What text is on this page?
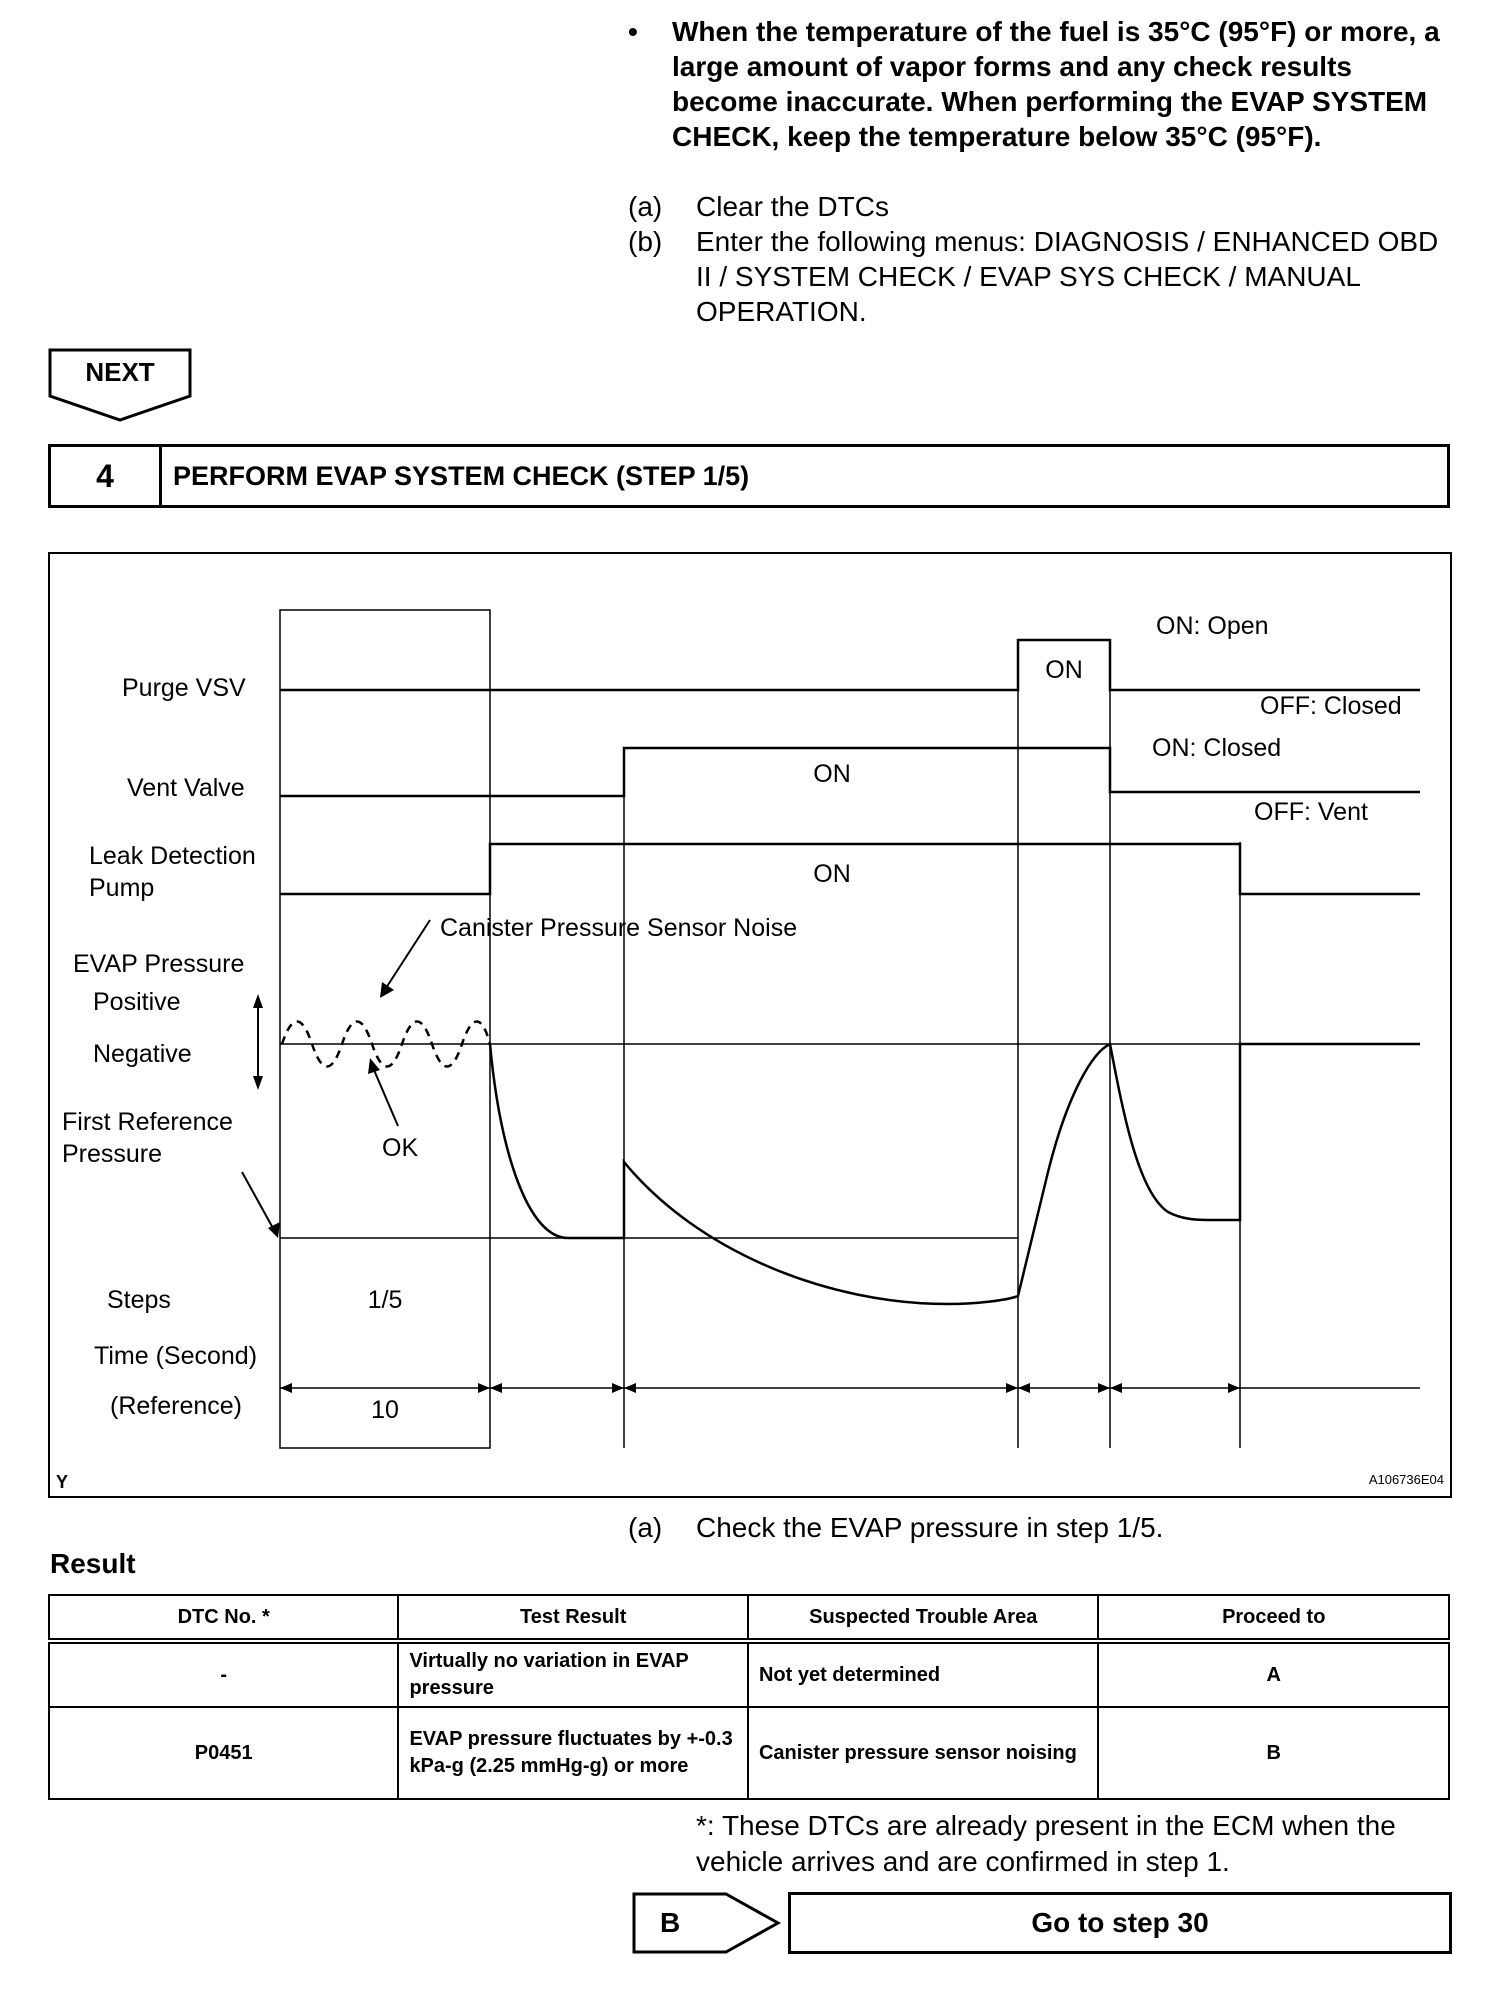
• When the temperature of the fuel is 35°C (95°F) or more, a large amount of vapor forms and any check results become inaccurate. When performing the EVAP SYSTEM CHECK, keep the temperature below 35°C (95°F).
(a) Clear the DTCs
(b) Enter the following menus: DIAGNOSIS / ENHANCED OBD II / SYSTEM CHECK / EVAP SYS CHECK / MANUAL OPERATION.
NEXT
4	PERFORM EVAP SYSTEM CHECK (STEP 1/5)
Purge VSV
Vent Valve
Leak Detection
Pump
EVAP Pressure
Positive
Negative
First Reference
Pressure
Steps
Time (Second)
(Reference)
ON
ON
ON
ON: Open
OFF: Closed
ON: Closed
OFF: Vent
Canister Pressure Sensor Noise
OK
1/5
10
Y	A106736E04
(a) Check the EVAP pressure in step 1/5.
Result
DTC No. *	Test Result	Suspected Trouble Area	Proceed to
-	Virtually no variation in EVAP pressure	Not yet determined	A
P0451	EVAP pressure fluctuates by +-0.3 kPa-g (2.25 mmHg-g) or more	Canister pressure sensor noising	B
*: These DTCs are already present in the ECM when the vehicle arrives and are confirmed in step 1.
B	Go to step 30
